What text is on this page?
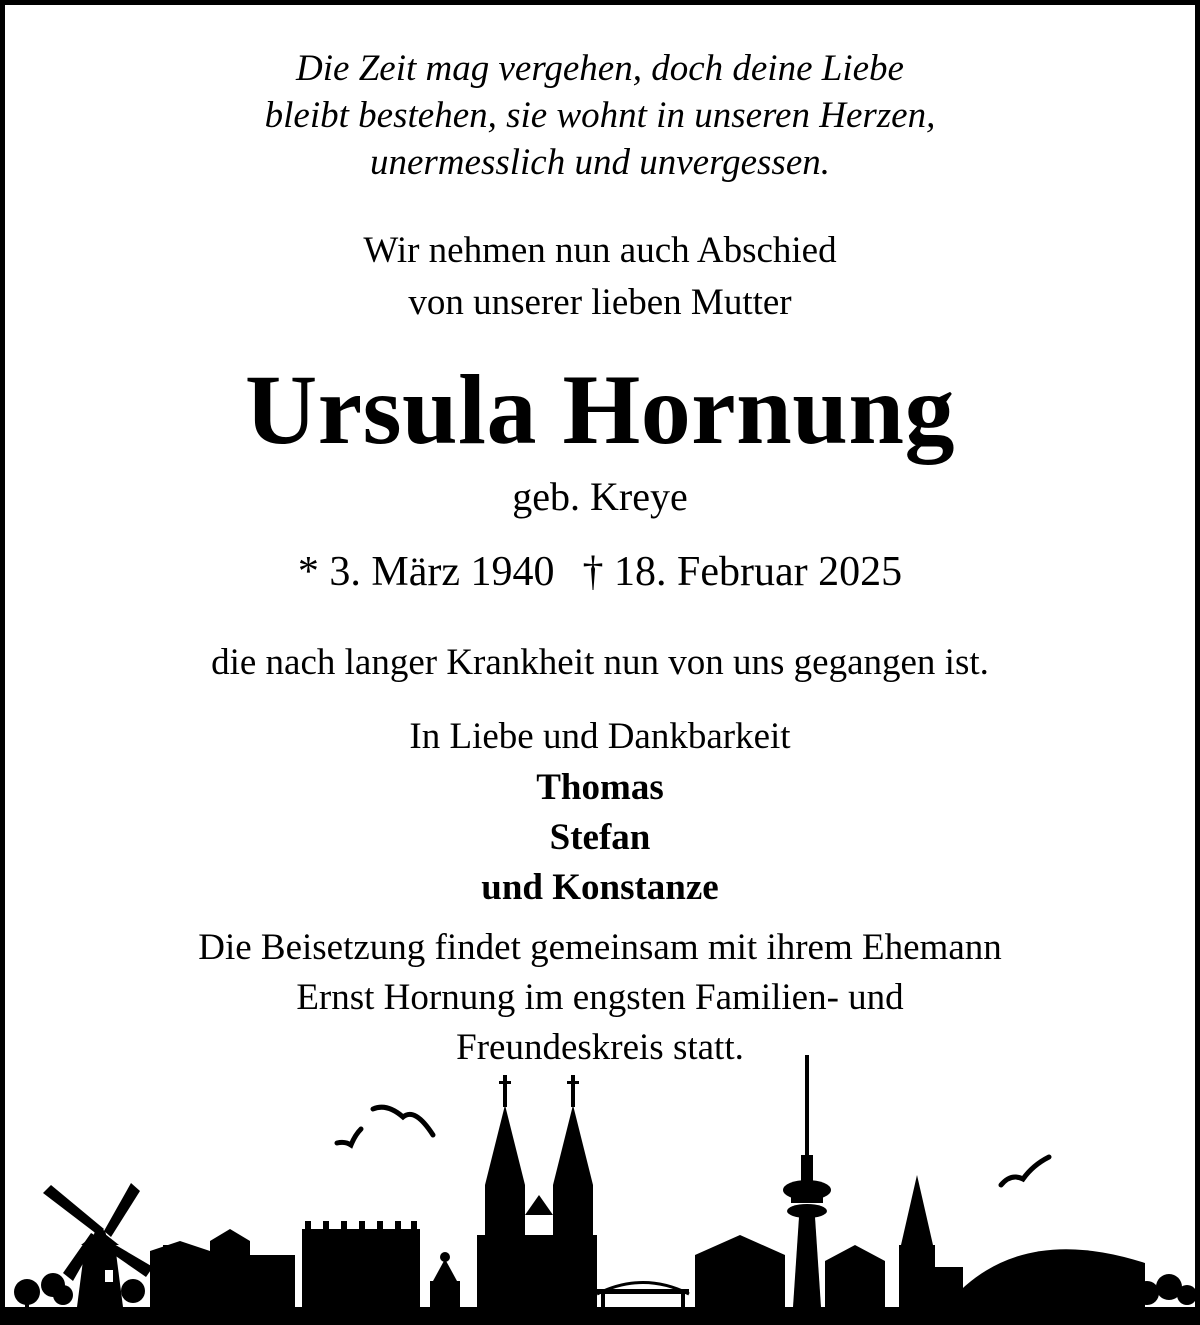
Die Zeit mag vergehen, doch deine Liebe
bleibt bestehen, sie wohnt in unseren Herzen,
unermesslich und unvergessen.
Wir nehmen nun auch Abschied
von unserer lieben Mutter
Ursula Hornung
geb. Kreye
* 3. März 1940 † 18. Februar 2025
die nach langer Krankheit nun von uns gegangen ist.
In Liebe und Dankbarkeit
Thomas
Stefan
und Konstanze
Die Beisetzung findet gemeinsam mit ihrem Ehemann
Ernst Hornung im engsten Familien- und
Freundeskreis statt.
